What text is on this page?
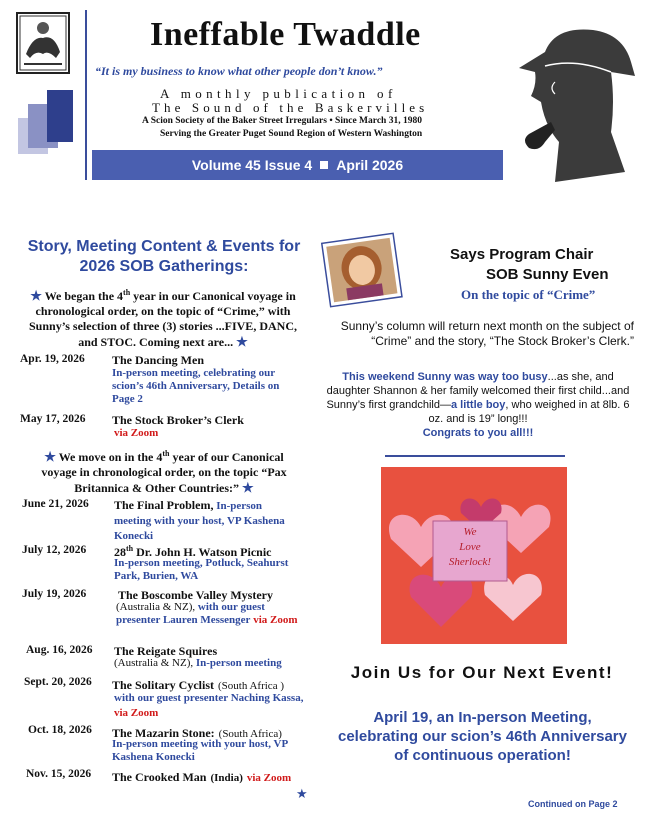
Ineffable Twaddle
“It is my business to know what other people don’t know.”
A monthly publication of
The Sound of the Baskervilles
A Scion Society of the Baker Street Irregulars • Since March 31, 1980
Serving the Greater Puget Sound Region of Western Washington
Volume 45 Issue 4 April 2026
Story, Meeting Content & Events for 2026 SOB Gatherings:
★ We began the 4th year in our Canonical voyage in chronological order, on the topic of “Crime,” with Sunny’s selection of three (3) stories ...FIVE, DANC, and STOC. Coming next are... ★
Apr. 19, 2026 The Dancing Men
In-person meeting, celebrating our scion’s 46th Anniversary, Details on Page 2
May 17, 2026 The Stock Broker’s Clerk
via Zoom
★ We move on in the 4th year of our Canonical voyage in chronological order, on the topic “Pax Britannica & Other Countries:” ★
June 21, 2026 The Final Problem, In-person meeting with your host, VP Kashena Konecki
July 12, 2026 28th Dr. John H. Watson Picnic
In-person meeting, Potluck, Seahurst Park, Burien, WA
July 19, 2026	The Boscombe Valley Mystery
(Australia & NZ), with our guest presenter Lauren Messenger via Zoom
Aug. 16, 2026 The Reigate Squires
(Australia & NZ), In-person meeting
Sept. 20, 2026 The Solitary Cyclist (South Africa )
with our guest presenter Naching Kassa, via Zoom
Oct. 18, 2026 The Mazarin Stone: (South Africa)
In-person meeting with your host, VP Kashena Konecki
Nov. 15, 2026 The Crooked Man (India) via Zoom
★
Says Program Chair
SOB Sunny Even
On the topic of “Crime”
Sunny’s column will return next month on the subject of “Crime” and the story, “The Stock Broker’s Clerk.”
This weekend Sunny was way too busy...as she, and daughter Shannon & her family welcomed their first child...and Sunny’s first grandchild—a little boy, who weighed in at 8lb. 6 oz. and is 19” long!!!
Congrats to you all!!!
We
Love
Sherlock!
Join Us for Our Next Event!
April 19, an In-person Meeting, celebrating our scion’s 46th Anniversary of continuous operation!
Continued on Page 2
